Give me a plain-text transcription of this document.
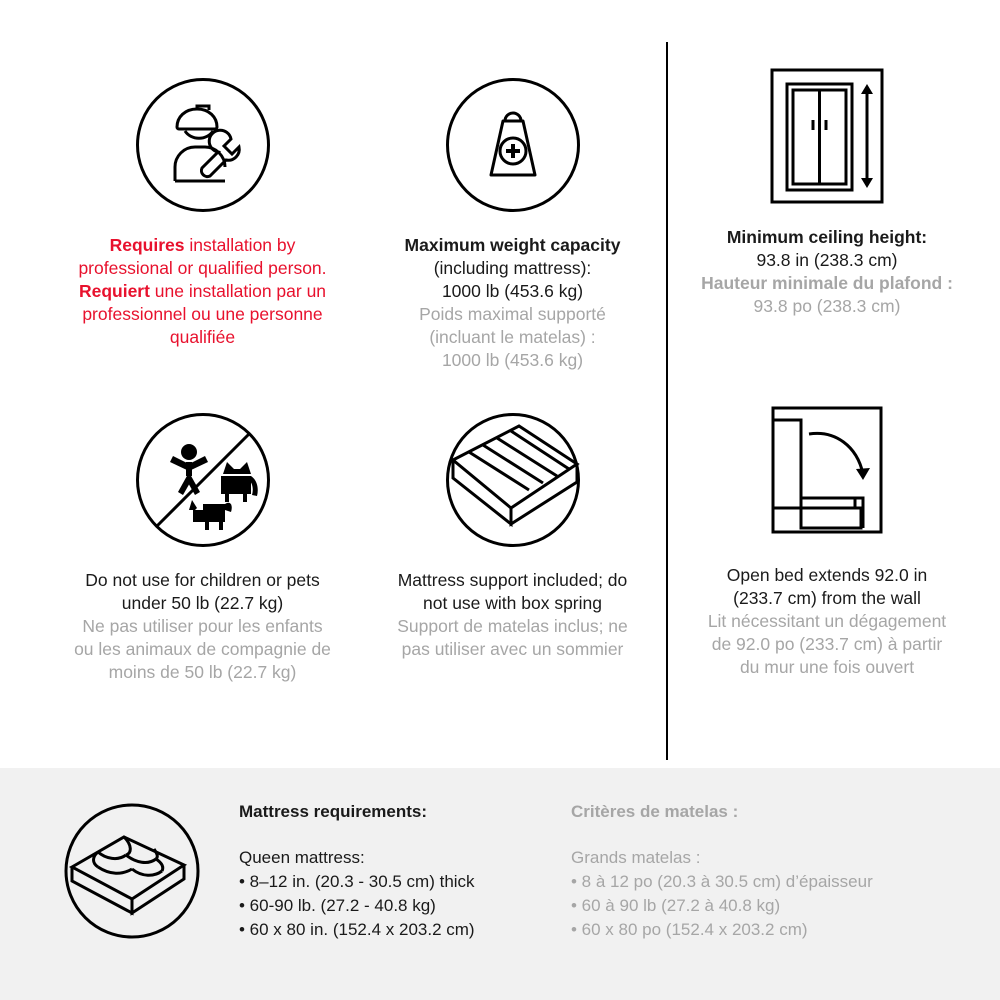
Requires installation by
professional or qualified person.
Requiert une installation par un
professionnel ou une personne
qualifiée
Maximum weight capacity
(including mattress):
1000 lb (453.6 kg)
Poids maximal supporté
(incluant le matelas) :
1000 lb (453.6 kg)
Minimum ceiling height:
93.8 in (238.3 cm)
Hauteur minimale du plafond :
93.8 po (238.3 cm)
Do not use for children or pets
under 50 lb (22.7 kg)
Ne pas utiliser pour les enfants
ou les animaux de compagnie de
moins de 50 lb (22.7 kg)
Mattress support included; do
not use with box spring
Support de matelas inclus; ne
pas utiliser avec un sommier
Open bed extends 92.0 in
(233.7 cm) from the wall
Lit nécessitant un dégagement
de 92.0 po (233.7 cm) à partir
du mur une fois ouvert
Mattress requirements:
Queen mattress:
• 8–12 in. (20.3 - 30.5 cm) thick
• 60-90 lb. (27.2 - 40.8 kg)
• 60 x 80 in. (152.4 x 203.2 cm)
Critères de matelas :
Grands matelas :
• 8 à 12 po (20.3 à 30.5 cm) d’épaisseur
• 60 à 90 lb (27.2 à 40.8 kg)
• 60 x 80 po (152.4 x 203.2 cm)
